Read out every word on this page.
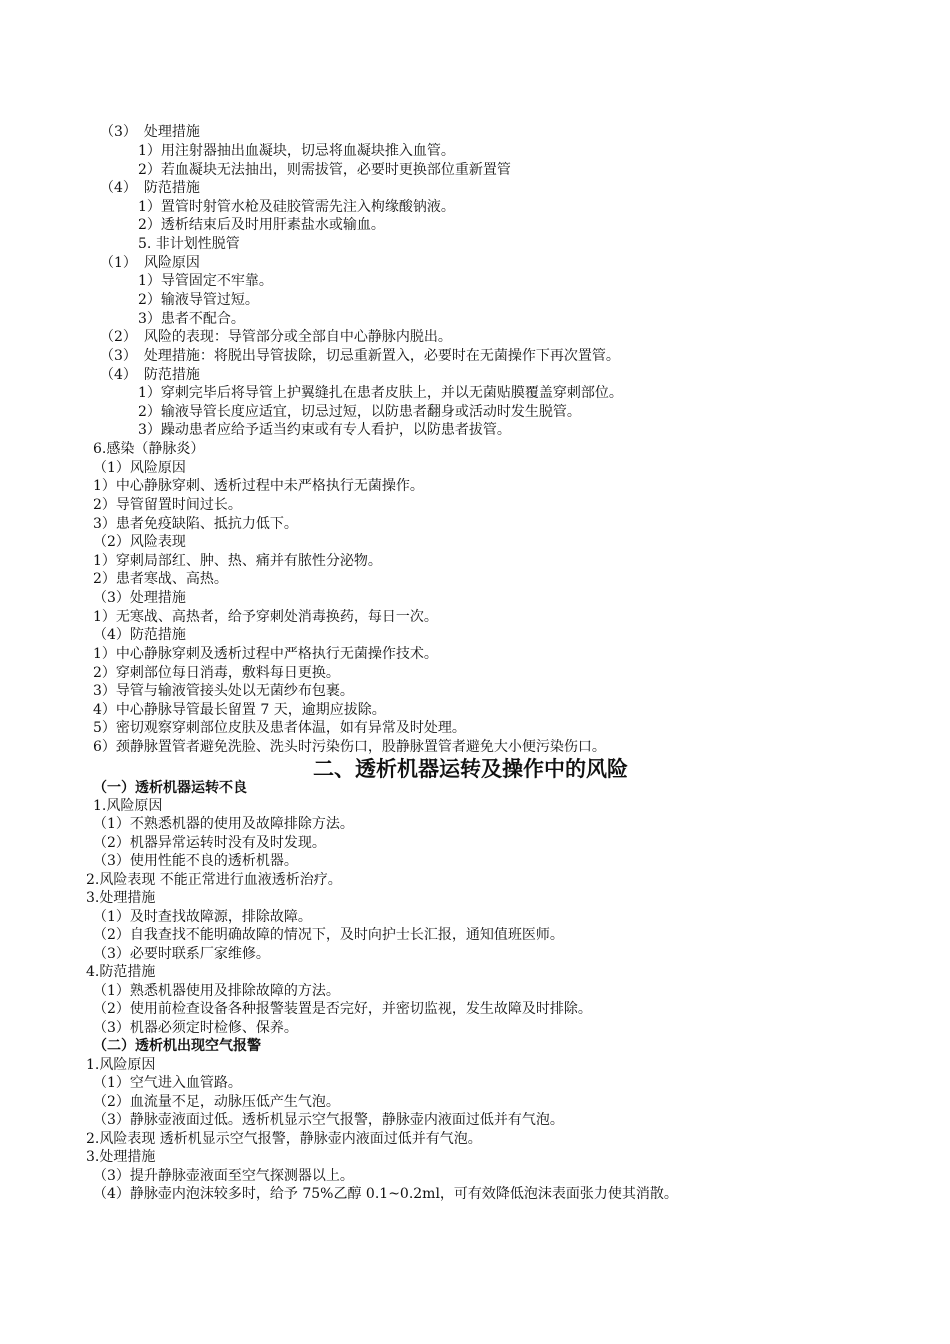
（3）　处理措施
1）用注射器抽出血凝块，切忌将血凝块推入血管。
2）若血凝块无法抽出，则需拔管，必要时更换部位重新置管
（4）　防范措施
1）置管时射管水枪及硅胶管需先注入枸缘酸钠液。
2）透析结束后及时用肝素盐水或输血。
5. 非计划性脱管
（1）　风险原因
1）导管固定不牢靠。
2）输液导管过短。
3）患者不配合。
（2）　风险的表现：导管部分或全部自中心静脉内脱出。
（3）　处理措施：将脱出导管拔除，切忌重新置入，必要时在无菌操作下再次置管。
（4）　防范措施
1）穿刺完毕后将导管上护翼缝扎在患者皮肤上，并以无菌贴膜覆盖穿刺部位。
2）输液导管长度应适宜，切忌过短，以防患者翻身或活动时发生脱管。
3）躁动患者应给予适当约束或有专人看护，以防患者拔管。
6.感染（静脉炎）
（1）风险原因
1）中心静脉穿刺、透析过程中未严格执行无菌操作。
2）导管留置时间过长。
3）患者免疫缺陷、抵抗力低下。
（2）风险表现
1）穿刺局部红、肿、热、痛并有脓性分泌物。
2）患者寒战、高热。
（3）处理措施
1）无寒战、高热者，给予穿刺处消毒换药，每日一次。
（4）防范措施
1）中心静脉穿刺及透析过程中严格执行无菌操作技术。
2）穿刺部位每日消毒，敷料每日更换。
3）导管与输液管接头处以无菌纱布包裹。
4）中心静脉导管最长留置 7 天，逾期应拔除。
5）密切观察穿刺部位皮肤及患者体温，如有异常及时处理。
6）颈静脉置管者避免洗脸、洗头时污染伤口，股静脉置管者避免大小便污染伤口。
二、透析机器运转及操作中的风险
（一）透析机器运转不良
1.风险原因
（1）不熟悉机器的使用及故障排除方法。
（2）机器异常运转时没有及时发现。
（3）使用性能不良的透析机器。
2.风险表现 不能正常进行血液透析治疗。
3.处理措施
（1）及时查找故障源，排除故障。
（2）自我查找不能明确故障的情况下，及时向护士长汇报，通知值班医师。
（3）必要时联系厂家维修。
4.防范措施
（1）熟悉机器使用及排除故障的方法。
（2）使用前检查设备各种报警装置是否完好，并密切监视，发生故障及时排除。
（3）机器必须定时检修、保养。
（二）透析机出现空气报警
1.风险原因
（1）空气进入血管路。
（2）血流量不足，动脉压低产生气泡。
（3）静脉壶液面过低。透析机显示空气报警，静脉壶内液面过低并有气泡。
2.风险表现 透析机显示空气报警，静脉壶内液面过低并有气泡。
3.处理措施
（3）提升静脉壶液面至空气探测器以上。
（4）静脉壶内泡沫较多时，给予 75%乙醇 0.1~0.2ml，可有效降低泡沫表面张力使其消散。
